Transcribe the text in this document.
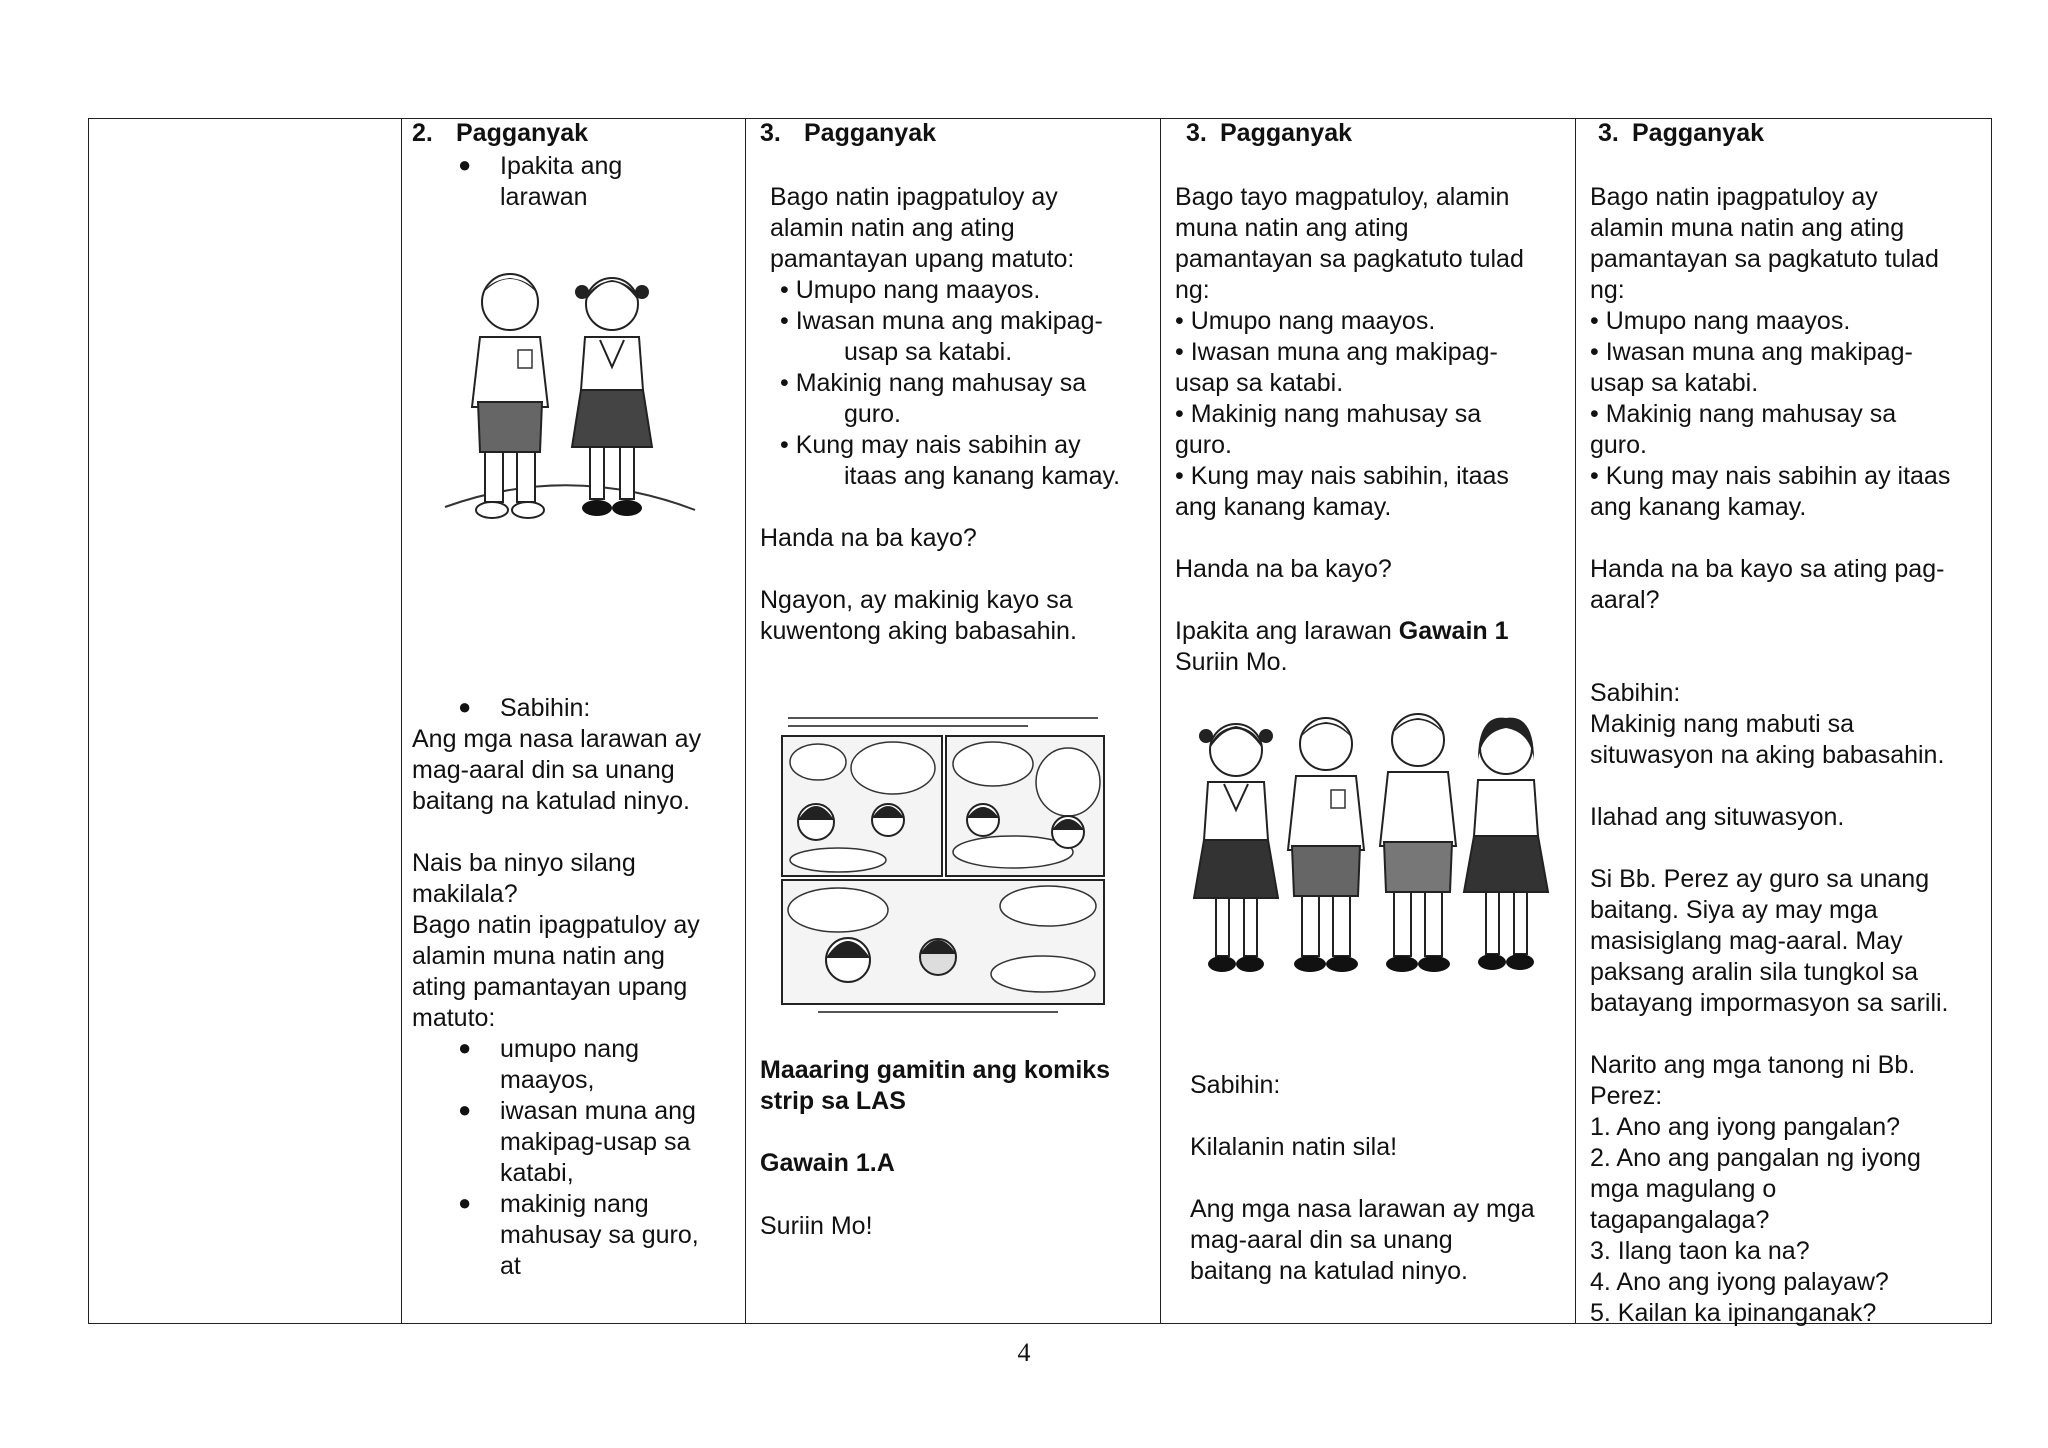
2. Pagganyak
● Ipakita ang
larawan
● Sabihin:
Ang mga nasa larawan ay
mag-aaral din sa unang
baitang na katulad ninyo.
Nais ba ninyo silang
makilala?
Bago natin ipagpatuloy ay
alamin muna natin ang
ating pamantayan upang
matuto:
● umupo nang
maayos,
● iwasan muna ang
makipag-usap sa
katabi,
● makinig nang
mahusay sa guro,
at
3. Pagganyak
Bago natin ipagpatuloy ay
alamin natin ang ating
pamantayan upang matuto:
• Umupo nang maayos.
• Iwasan muna ang makipag-
usap sa katabi.
• Makinig nang mahusay sa
guro.
• Kung may nais sabihin ay
itaas ang kanang kamay.
Handa na ba kayo?
Ngayon, ay makinig kayo sa
kuwentong aking babasahin.
Maaaring gamitin ang komiks
strip sa LAS
Gawain 1.A
Suriin Mo!
3. Pagganyak
Bago tayo magpatuloy, alamin
muna natin ang ating
pamantayan sa pagkatuto tulad
ng:
• Umupo nang maayos.
• Iwasan muna ang makipag-
usap sa katabi.
• Makinig nang mahusay sa
guro.
• Kung may nais sabihin, itaas
ang kanang kamay.
Handa na ba kayo?
Ipakita ang larawan Gawain 1
Suriin Mo.
Sabihin:
Kilalanin natin sila!
Ang mga nasa larawan ay mga
mag-aaral din sa unang
baitang na katulad ninyo.
3. Pagganyak
Bago natin ipagpatuloy ay
alamin muna natin ang ating
pamantayan sa pagkatuto tulad
ng:
• Umupo nang maayos.
• Iwasan muna ang makipag-
usap sa katabi.
• Makinig nang mahusay sa
guro.
• Kung may nais sabihin ay itaas
ang kanang kamay.
Handa na ba kayo sa ating pag-
aaral?
Sabihin:
Makinig nang mabuti sa
situwasyon na aking babasahin.
Ilahad ang situwasyon.
Si Bb. Perez ay guro sa unang
baitang. Siya ay may mga
masisiglang mag-aaral. May
paksang aralin sila tungkol sa
batayang impormasyon sa sarili.
Narito ang mga tanong ni Bb.
Perez:
1. Ano ang iyong pangalan?
2. Ano ang pangalan ng iyong
mga magulang o
tagapangalaga?
3. Ilang taon ka na?
4. Ano ang iyong palayaw?
5. Kailan ka ipinanganak?
4
